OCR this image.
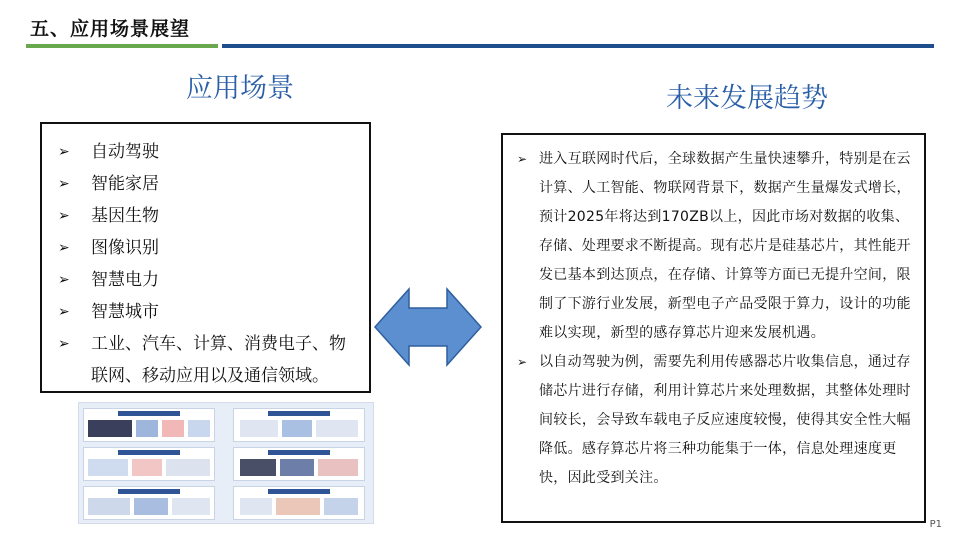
五、应用场景展望
应用场景	未来发展趋势
➢ 自动驾驶
➢ 智能家居
➢ 基因生物
➢ 图像识别
➢ 智慧电力
➢ 智慧城市
➢ 工业、汽车、计算、消费电子、物联网、移动应用以及通信领域。
➢ 进入互联网时代后，全球数据产生量快速攀升，特别是在云计算、人工智能、物联网背景下，数据产生量爆发式增长，预计2025年将达到170ZB以上，因此市场对数据的收集、存储、处理要求不断提高。现有芯片是硅基芯片，其性能开发已基本到达顶点，在存储、计算等方面已无提升空间，限制了下游行业发展，新型电子产品受限于算力，设计的功能难以实现，新型的感存算芯片迎来发展机遇。
➢ 以自动驾驶为例，需要先利用传感器芯片收集信息，通过存储芯片进行存储，利用计算芯片来处理数据，其整体处理时间较长，会导致车载电子反应速度较慢，使得其安全性大幅降低。感存算芯片将三种功能集于一体，信息处理速度更快，因此受到关注。
P1
